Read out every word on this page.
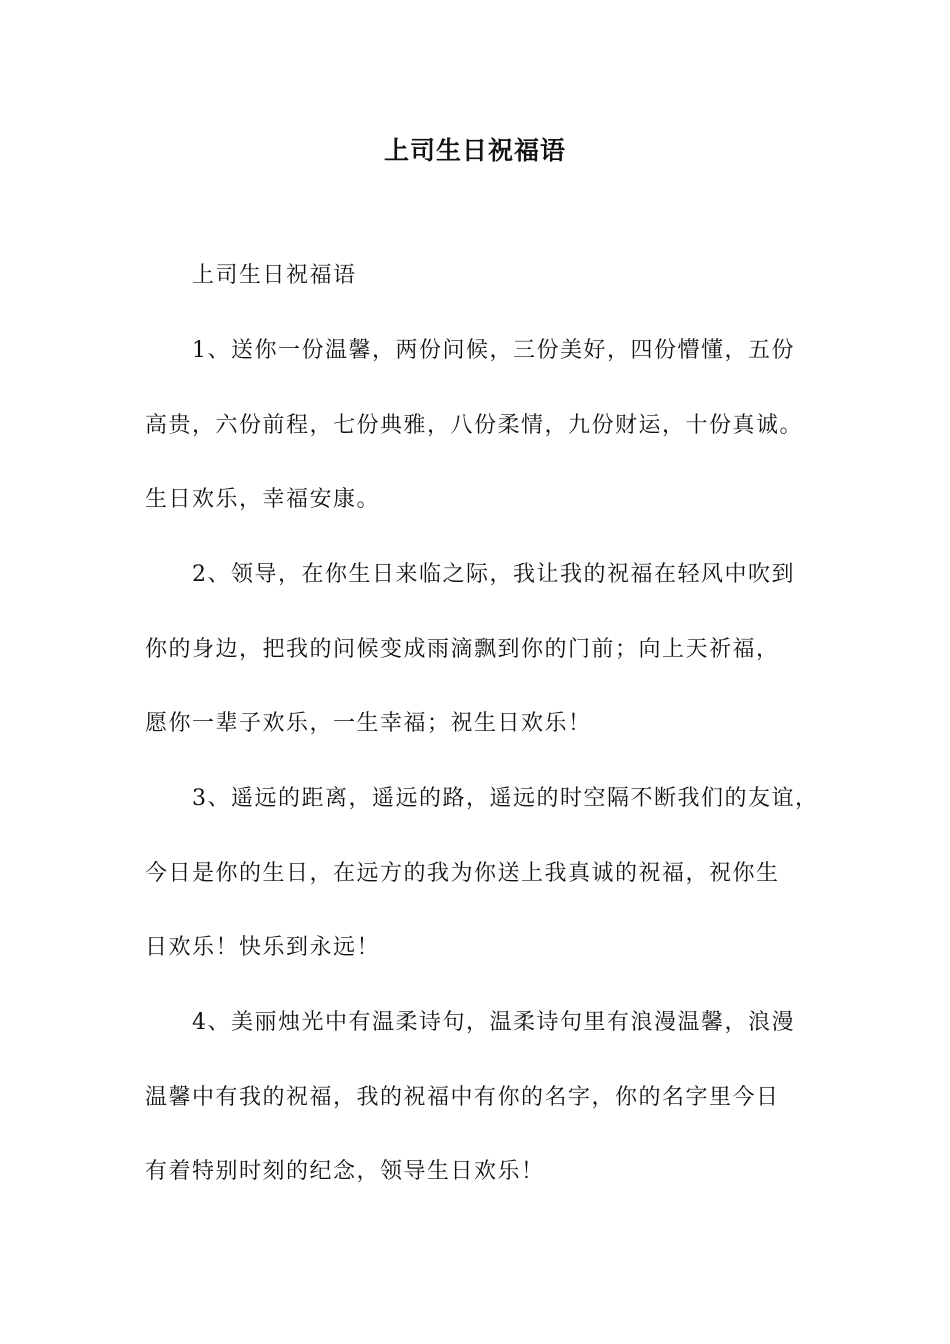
上司生日祝福语
上司生日祝福语
1、送你一份温馨，两份问候，三份美好，四份懵懂，五份
高贵，六份前程，七份典雅，八份柔情，九份财运，十份真诚。
生日欢乐，幸福安康。
2、领导，在你生日来临之际，我让我的祝福在轻风中吹到
你的身边，把我的问候变成雨滴飘到你的门前；向上天祈福，
愿你一辈子欢乐，一生幸福；祝生日欢乐！
3、遥远的距离，遥远的路，遥远的时空隔不断我们的友谊，
今日是你的生日，在远方的我为你送上我真诚的祝福，祝你生
日欢乐！快乐到永远！
4、美丽烛光中有温柔诗句，温柔诗句里有浪漫温馨，浪漫
温馨中有我的祝福，我的祝福中有你的名字，你的名字里今日
有着特别时刻的纪念，领导生日欢乐！
